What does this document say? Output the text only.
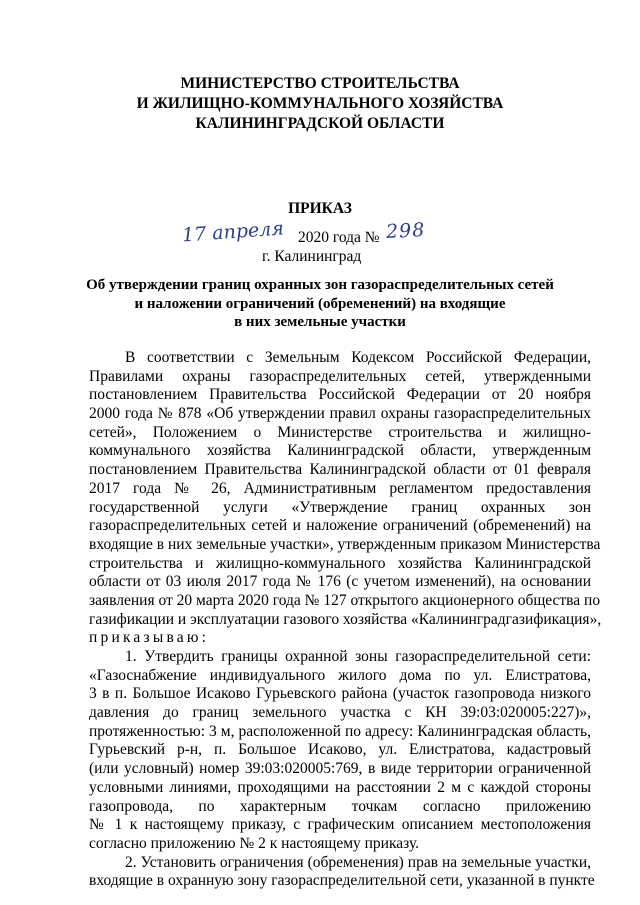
МИНИСТЕРСТВО СТРОИТЕЛЬСТВА
И ЖИЛИЩНО-КОММУНАЛЬНОГО ХОЗЯЙСТВА
КАЛИНИНГРАДСКОЙ ОБЛАСТИ
ПРИКАЗ
17 апреля 2020 года № 298
г. Калининград
Об утверждении границ охранных зон газораспределительных сетей
и наложении ограничений (обременений) на входящие
в них земельные участки
В соответствии с Земельным Кодексом Российской Федерации,
Правилами охраны газораспределительных сетей, утвержденными
постановлением Правительства Российской Федерации от 20 ноября
2000 года № 878 «Об утверждении правил охраны газораспределительных
сетей», Положением о Министерстве строительства и жилищно-
коммунального хозяйства Калининградской области, утвержденным
постановлением Правительства Калининградской области от 01 февраля
2017 года № 26, Административным регламентом предоставления
государственной услуги «Утверждение границ охранных зон
газораспределительных сетей и наложение ограничений (обременений) на
входящие в них земельные участки», утвержденным приказом Министерства
строительства и жилищно-коммунального хозяйства Калининградской
области от 03 июля 2017 года № 176 (с учетом изменений), на основании
заявления от 20 марта 2020 года № 127 открытого акционерного общества по
газификации и эксплуатации газового хозяйства «Калининградгазификация»,
приказываю:
1. Утвердить границы охранной зоны газораспределительной сети:
«Газоснабжение индивидуального жилого дома по ул. Елистратова,
3 в п. Большое Исаково Гурьевского района (участок газопровода низкого
давления до границ земельного участка с КН 39:03:020005:227)»,
протяженностью: 3 м, расположенной по адресу: Калининградская область,
Гурьевский р-н, п. Большое Исаково, ул. Елистратова, кадастровый
(или условный) номер 39:03:020005:769, в виде территории ограниченной
условными линиями, проходящими на расстоянии 2 м с каждой стороны
газопровода, по характерным точкам согласно приложению
№ 1 к настоящему приказу, с графическим описанием местоположения
согласно приложению № 2 к настоящему приказу.
2. Установить ограничения (обременения) прав на земельные участки,
входящие в охранную зону газораспределительной сети, указанной в пункте
